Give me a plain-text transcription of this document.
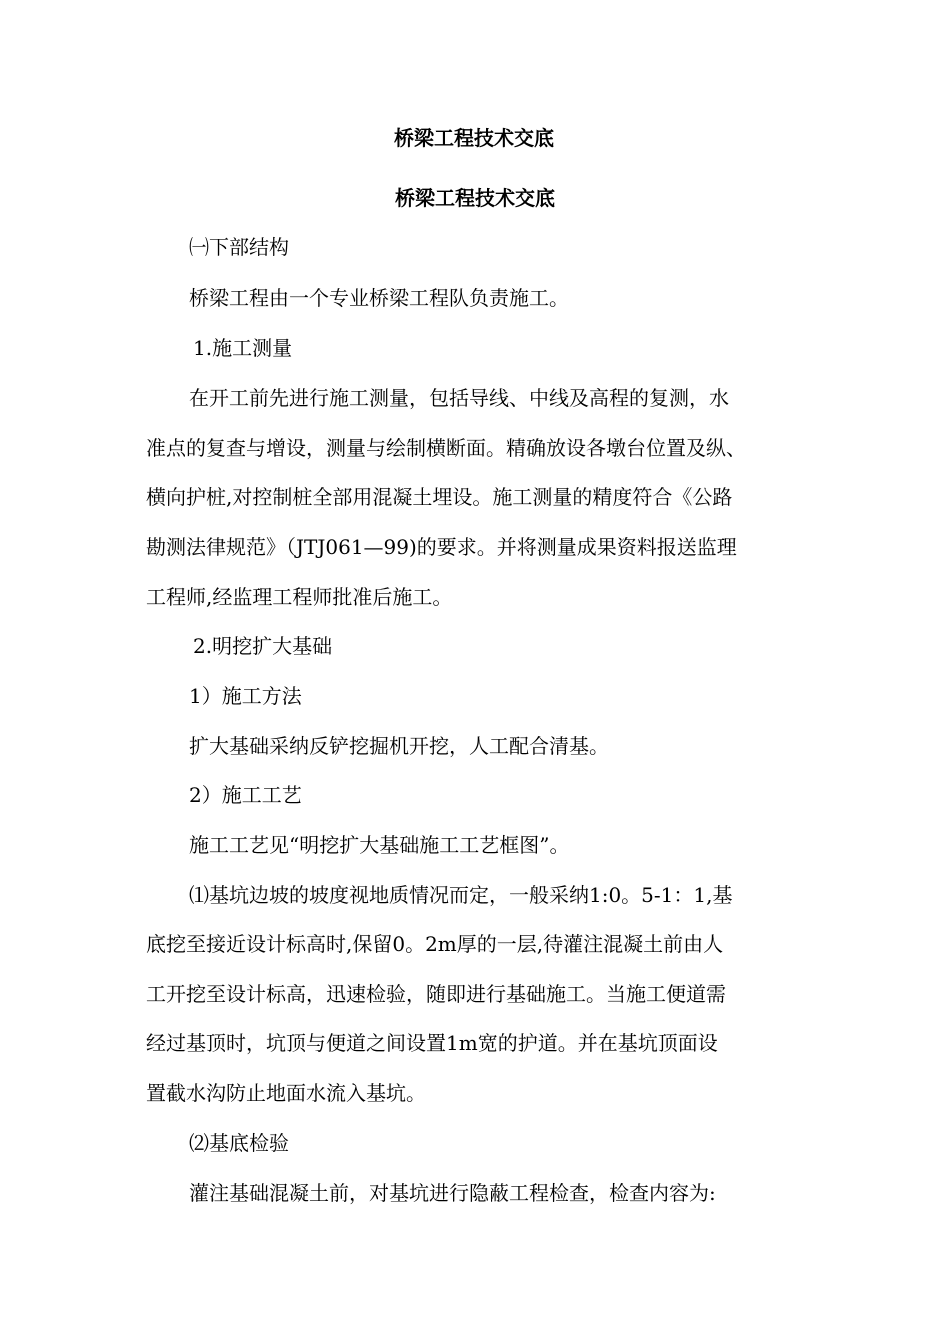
桥梁工程技术交底
桥梁工程技术交底
㈠下部结构
桥梁工程由一个专业桥梁工程队负责施工。
1.施工测量
在开工前先进行施工测量，包括导线、中线及高程的复测，水
准点的复查与增设，测量与绘制横断面。精确放设各墩台位置及纵、
横向护桩,对控制桩全部用混凝土埋设。施工测量的精度符合《公路
勘测法律规范》（JTJ061—99)的要求。并将测量成果资料报送监理
工程师,经监理工程师批准后施工。
2.明挖扩大基础
1）施工方法
扩大基础采纳反铲挖掘机开挖，人工配合清基。
2）施工工艺
施工工艺见“明挖扩大基础施工工艺框图”。
⑴基坑边坡的坡度视地质情况而定，一般采纳1:0。5-1：1,基
底挖至接近设计标高时,保留0。2m厚的一层,待灌注混凝土前由人
工开挖至设计标高，迅速检验，随即进行基础施工。当施工便道需
经过基顶时，坑顶与便道之间设置1m宽的护道。并在基坑顶面设
置截水沟防止地面水流入基坑。
⑵基底检验
灌注基础混凝土前，对基坑进行隐蔽工程检查，检查内容为:
